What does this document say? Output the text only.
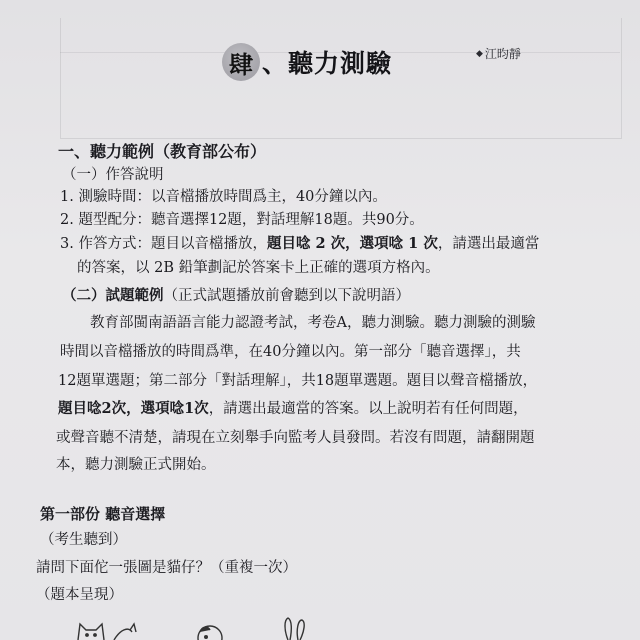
肆 、聽力測驗	◆ 江昀靜
一、聽力範例（教育部公布）
（一）作答說明
1. 測驗時間：以音檔播放時間爲主，40分鐘以內。
2. 題型配分：聽音選擇12題，對話理解18題。共90分。
3. 作答方式：題目以音檔播放，題目唸 2 次，選項唸 1 次，請選出最適當
的答案，以 2B 鉛筆劃記於答案卡上正確的選項方格內。
（二）試題範例（正式試題播放前會聽到以下說明語）
教育部閩南語語言能力認證考試，考卷A，聽力測驗。聽力測驗的測驗
時間以音檔播放的時間爲準，在40分鐘以內。第一部分「聽音選擇」，共
12題單選題；第二部分「對話理解」，共18題單選題。題目以聲音檔播放，
題目唸2次，選項唸1次，請選出最適當的答案。以上說明若有任何問題，
或聲音聽不清楚，請現在立刻舉手向監考人員發問。若沒有問題，請翻開題
本，聽力測驗正式開始。
第一部份 聽音選擇
（考生聽到）
請問下面佗一張圖是貓仔？（重複一次）
（題本呈現）
